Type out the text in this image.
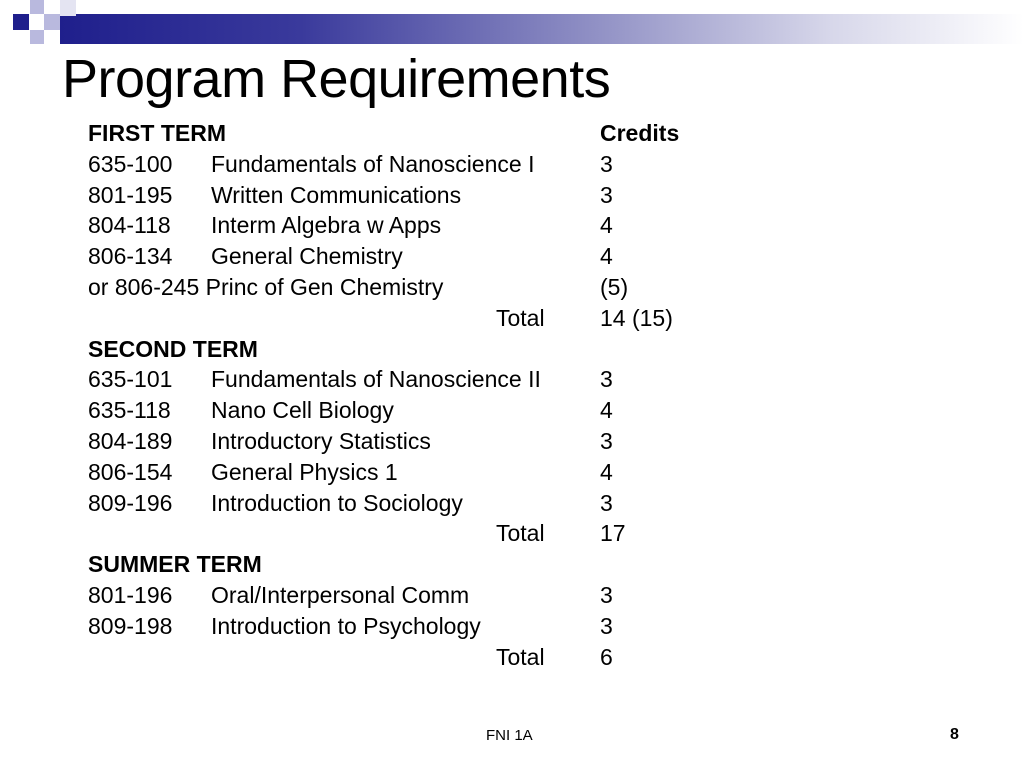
Program Requirements
FIRST TERM	Credits
635-100 Fundamentals of Nanoscience I	3
801-195 Written Communications	3
804-118 Interm Algebra w Apps	4
806-134 General Chemistry	4
or 806-245 Princ of Gen Chemistry	(5)
Total 14 (15)
SECOND TERM
635-101 Fundamentals of Nanoscience II	3
635-118 Nano Cell Biology	4
804-189 Introductory Statistics	3
806-154 General Physics 1	4
809-196 Introduction to Sociology	3
Total 17
SUMMER TERM
801-196 Oral/Interpersonal Comm	3
809-198 Introduction to Psychology	3
Total 6
FNI 1A	8
